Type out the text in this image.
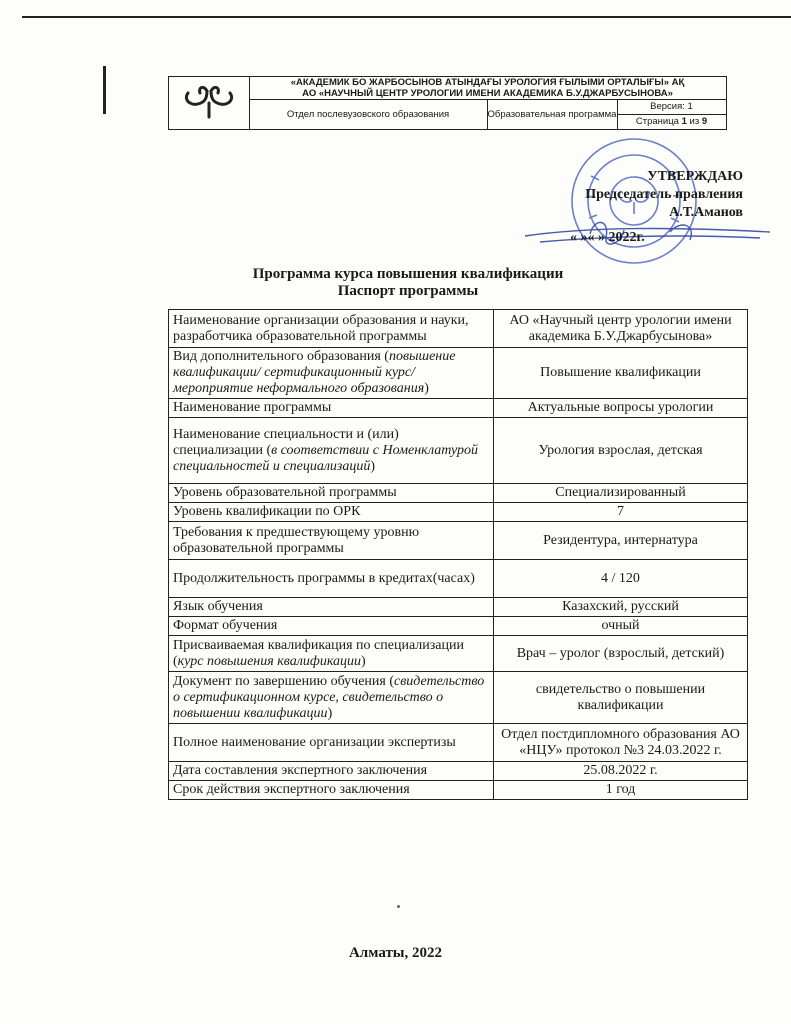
«АКАДЕМИК БО ЖАРБОСЫНОВ АТЫНДАҒЫ УРОЛОГИЯ ҒЫЛЫМИ ОРТАЛЫҒЫ» АҚ
АО «НАУЧНЫЙ ЦЕНТР УРОЛОГИИ ИМЕНИ АКАДЕМИКА Б.У.ДЖАРБУСЫНОВА»
Отдел послевузовского образования	Образовательная программа
Версия: 1
Страница 1 из 9
УТВЕРЖДАЮ
Председатель правления
А.Т.Аманов
« »« » 2022г.
Программа курса повышения квалификации
Паспорт программы
Наименование организации образования и науки, разработчика образовательной программы	АО «Научный центр урологии имени академика Б.У.Джарбусынова»
Вид дополнительного образования (повышение квалификации/ сертификационный курс/мероприятие неформального образования)	Повышение квалификации
Наименование программы	Актуальные вопросы урологии
Наименование специальности и (или) специализации (в соответствии с Номенклатурой специальностей и специализаций)	Урология взрослая, детская
Уровень образовательной программы	Специализированный
Уровень квалификации по ОРК	7
Требования к предшествующему уровню образовательной программы	Резидентура, интернатура
Продолжительность программы в кредитах(часах)	4 / 120
Язык обучения	Казахский, русский
Формат обучения	очный
Присваиваемая квалификация по специализации (курс повышения квалификации)	Врач – уролог (взрослый, детский)
Документ по завершению обучения (свидетельство о сертификационном курсе, свидетельство о повышении квалификации)	свидетельство о повышении квалификации
Полное наименование организации экспертизы	Отдел постдипломного образования АО «НЦУ» протокол №3 24.03.2022 г.
Дата составления экспертного заключения	25.08.2022 г.
Срок действия экспертного заключения	1 год
Алматы, 2022
